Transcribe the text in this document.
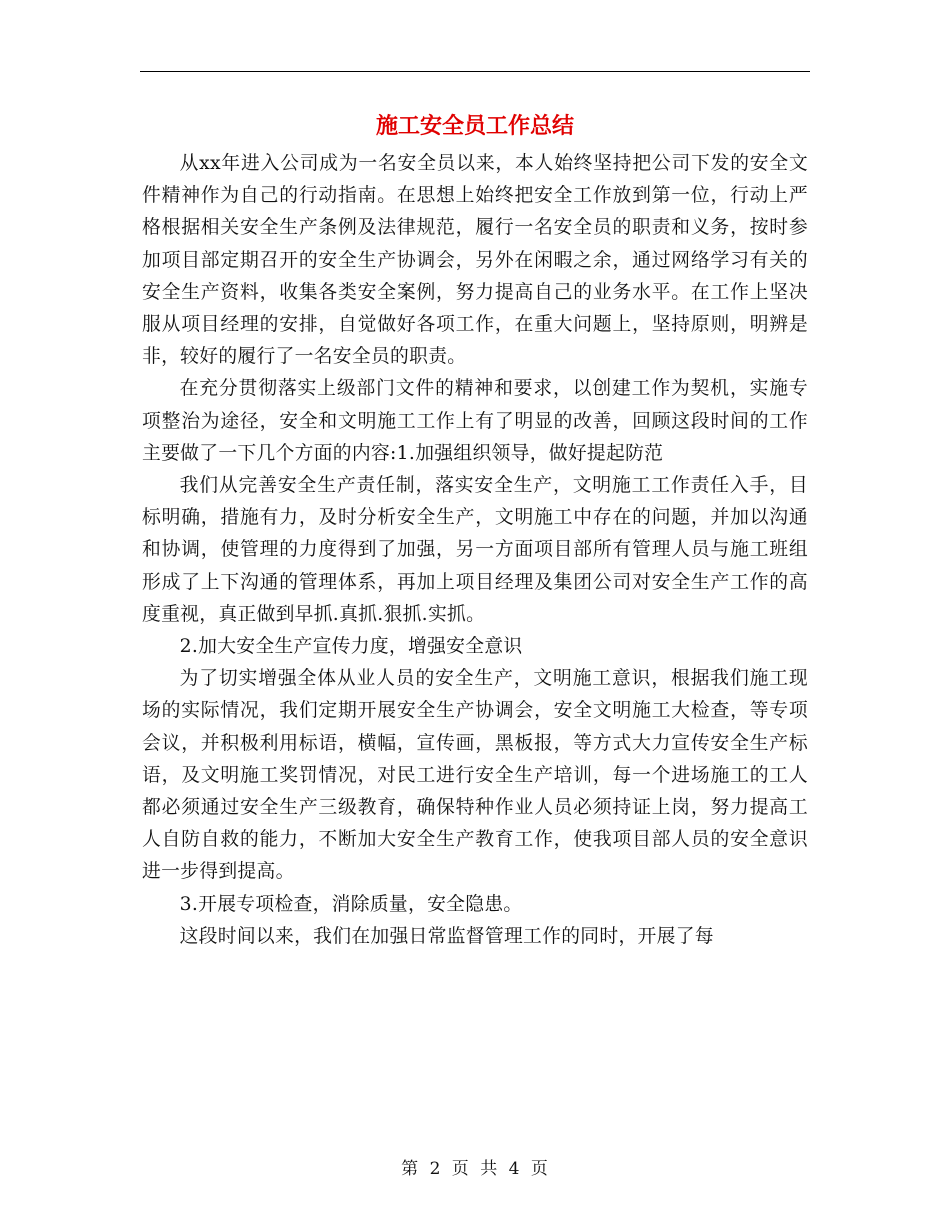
施工安全员工作总结

从xx年进入公司成为一名安全员以来，本人始终坚持把公司下发的安全文件精神作为自己的行动指南。在思想上始终把安全工作放到第一位，行动上严格根据相关安全生产条例及法律规范，履行一名安全员的职责和义务，按时参加项目部定期召开的安全生产协调会，另外在闲暇之余，通过网络学习有关的安全生产资料，收集各类安全案例，努力提高自己的业务水平。在工作上坚决服从项目经理的安排，自觉做好各项工作，在重大问题上，坚持原则，明辨是非，较好的履行了一名安全员的职责。

在充分贯彻落实上级部门文件的精神和要求，以创建工作为契机，实施专项整治为途径，安全和文明施工工作上有了明显的改善，回顾这段时间的工作主要做了一下几个方面的内容:1.加强组织领导，做好提起防范

我们从完善安全生产责任制，落实安全生产，文明施工工作责任入手，目标明确，措施有力，及时分析安全生产，文明施工中存在的问题，并加以沟通和协调，使管理的力度得到了加强，另一方面项目部所有管理人员与施工班组形成了上下沟通的管理体系，再加上项目经理及集团公司对安全生产工作的高度重视，真正做到早抓.真抓.狠抓.实抓。

2.加大安全生产宣传力度，增强安全意识

为了切实增强全体从业人员的安全生产，文明施工意识，根据我们施工现场的实际情况，我们定期开展安全生产协调会，安全文明施工大检查，等专项会议，并积极利用标语，横幅，宣传画，黑板报，等方式大力宣传安全生产标语，及文明施工奖罚情况，对民工进行安全生产培训，每一个进场施工的工人都必须通过安全生产三级教育，确保特种作业人员必须持证上岗，努力提高工人自防自救的能力，不断加大安全生产教育工作，使我项目部人员的安全意识进一步得到提高。

3.开展专项检查，消除质量，安全隐患。

这段时间以来，我们在加强日常监督管理工作的同时，开展了每

第 2 页 共 4 页
